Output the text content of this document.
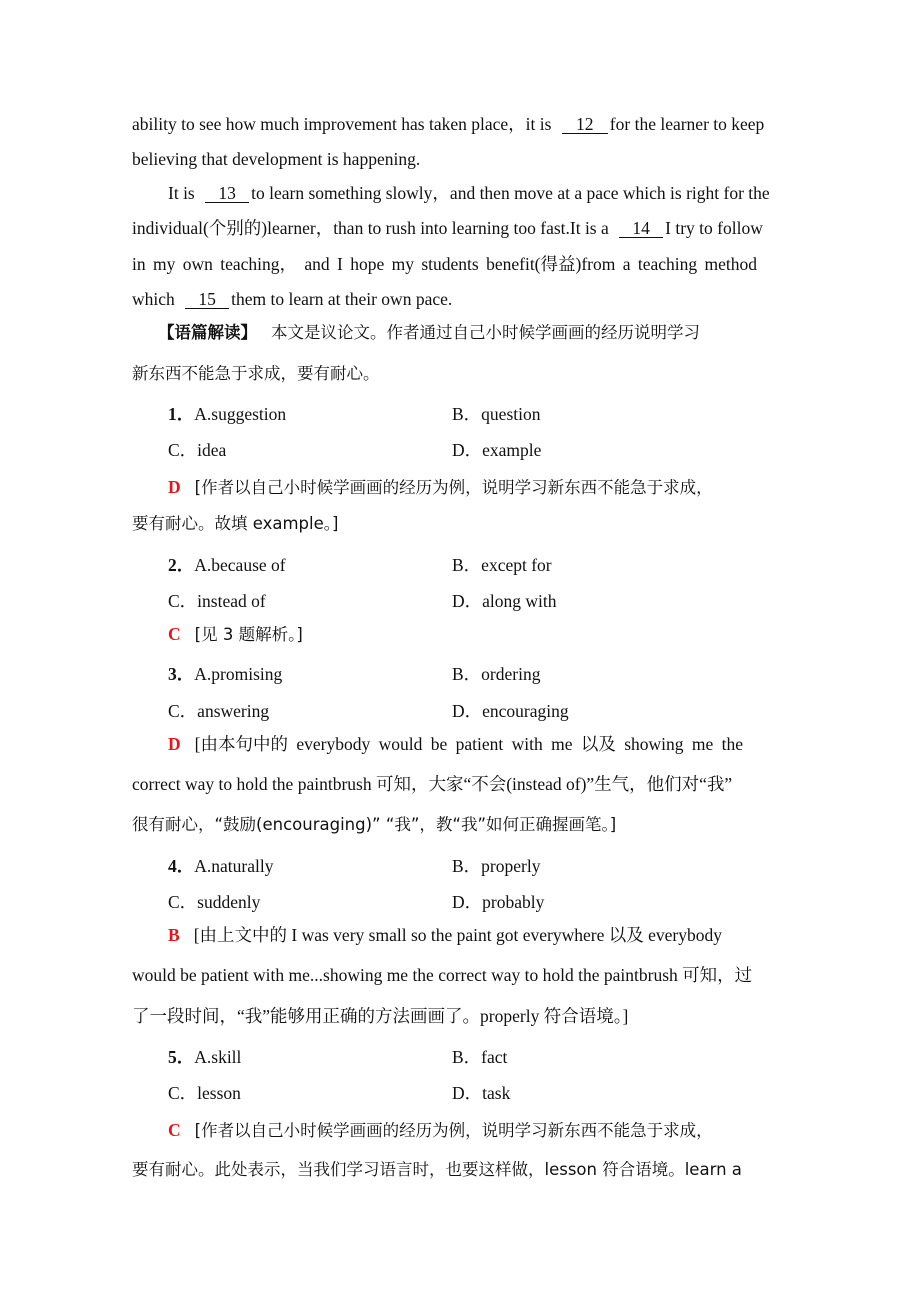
ability to see how much improvement has taken place，it is 12 for the learner to keep
believing that development is happening.
It is 13 to learn something slowly，and then move at a pace which is right for the
individual(个别的)learner，than to rush into learning too fast.It is a 14 I try to follow
in my own teaching， and I hope my students benefit(得益)from a teaching method
which 15 them to learn at their own pace.
【语篇解读】 本文是议论文。作者通过自己小时候学画画的经历说明学习
新东西不能急于求成，要有耐心。
1．A.suggestion	B．question
C．idea	D．example
D [作者以自己小时候学画画的经历为例，说明学习新东西不能急于求成，
要有耐心。故填 example。]
2．A.because of	B．except for
C．instead of	D．along with
C [见 3 题解析。]
3．A.promising	B．ordering
C．answering	D．encouraging
D [由本句中的 everybody would be patient with me 以及 showing me the
correct way to hold the paintbrush 可知，大家“不会(instead of)”生气，他们对“我”
很有耐心，“鼓励(encouraging)” “我”，教“我”如何正确握画笔。]
4．A.naturally	B．properly
C．suddenly	D．probably
B [由上文中的 I was very small so the paint got everywhere 以及 everybody
would be patient with me...showing me the correct way to hold the paintbrush 可知，过
了一段时间，“我”能够用正确的方法画画了。properly 符合语境。]
5．A.skill	B．fact
C．lesson	D．task
C [作者以自己小时候学画画的经历为例，说明学习新东西不能急于求成，
要有耐心。此处表示，当我们学习语言时，也要这样做，lesson 符合语境。learn a
